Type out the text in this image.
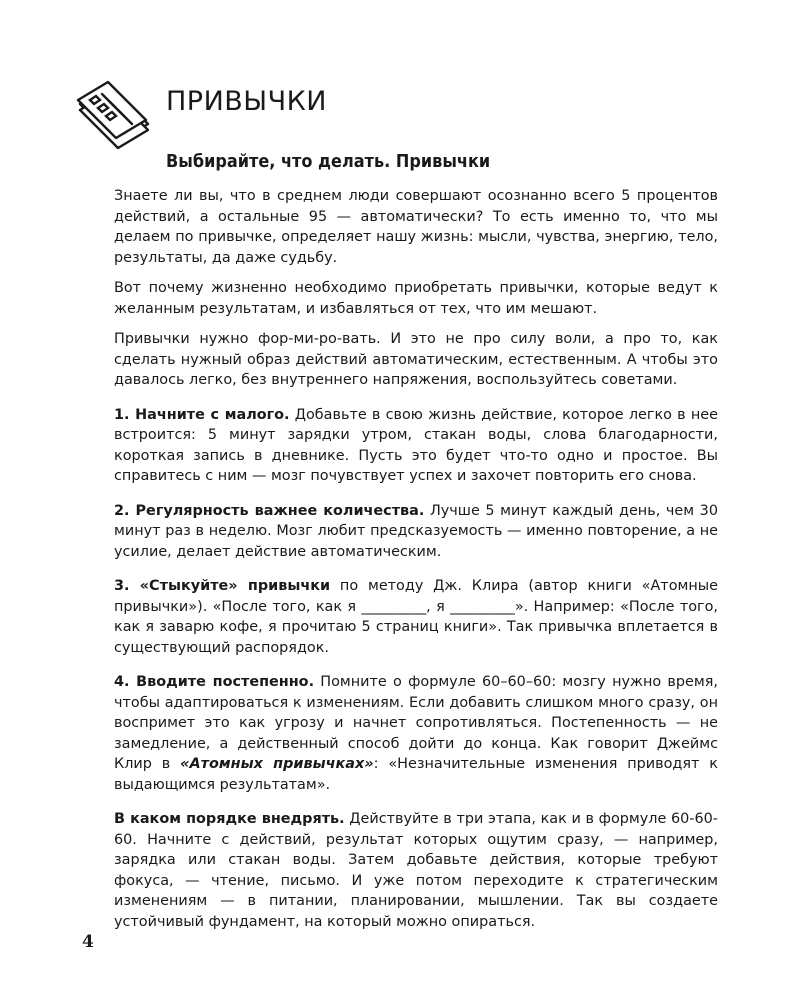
ПРИВЫЧКИ
Выбирайте, что делать. Привычки

Знаете ли вы, что в среднем люди совершают осознанно всего 5 процентов действий, а остальные 95 — автоматически? То есть именно то, что мы делаем по привычке, определяет нашу жизнь: мысли, чувства, энергию, тело, результаты, да даже судьбу.

Вот почему жизненно необходимо приобретать привычки, которые ведут к желанным результатам, и избавляться от тех, что им мешают.

Привычки нужно фор-ми-ро-вать. И это не про силу воли, а про то, как сделать нужный образ действий автоматическим, естественным. А чтобы это давалось легко, без внутреннего напряжения, воспользуйтесь советами.

1. Начните с малого. Добавьте в свою жизнь действие, которое легко в нее встроится: 5 минут зарядки утром, стакан воды, слова благодарности, короткая запись в дневнике. Пусть это будет что-то одно и простое. Вы справитесь с ним — мозг почувствует успех и захочет повторить его снова.

2. Регулярность важнее количества. Лучше 5 минут каждый день, чем 30 минут раз в неделю. Мозг любит предсказуемость — именно повторение, а не усилие, делает действие автоматическим.

3. «Стыкуйте» привычки по методу Дж. Клира (автор книги «Атомные привычки»). «После того, как я _________, я _________». Например: «После того, как я заварю кофе, я прочитаю 5 страниц книги». Так привычка вплетается в существующий распорядок.

4. Вводите постепенно. Помните о формуле 60–60–60: мозгу нужно время, чтобы адаптироваться к изменениям. Если добавить слишком много сразу, он воспримет это как угрозу и начнет сопротивляться. Постепенность — не замедление, а действенный способ дойти до конца. Как говорит Джеймс Клир в «Атомных привычках»: «Незначительные изменения приводят к выдающимся результатам».

В каком порядке внедрять. Действуйте в три этапа, как и в формуле 60-60-60. Начните с действий, результат которых ощутим сразу, — например, зарядка или стакан воды. Затем добавьте действия, которые требуют фокуса, — чтение, письмо. И уже потом переходите к стратегическим изменениям — в питании, планировании, мышлении. Так вы создаете устойчивый фундамент, на который можно опираться.

4
